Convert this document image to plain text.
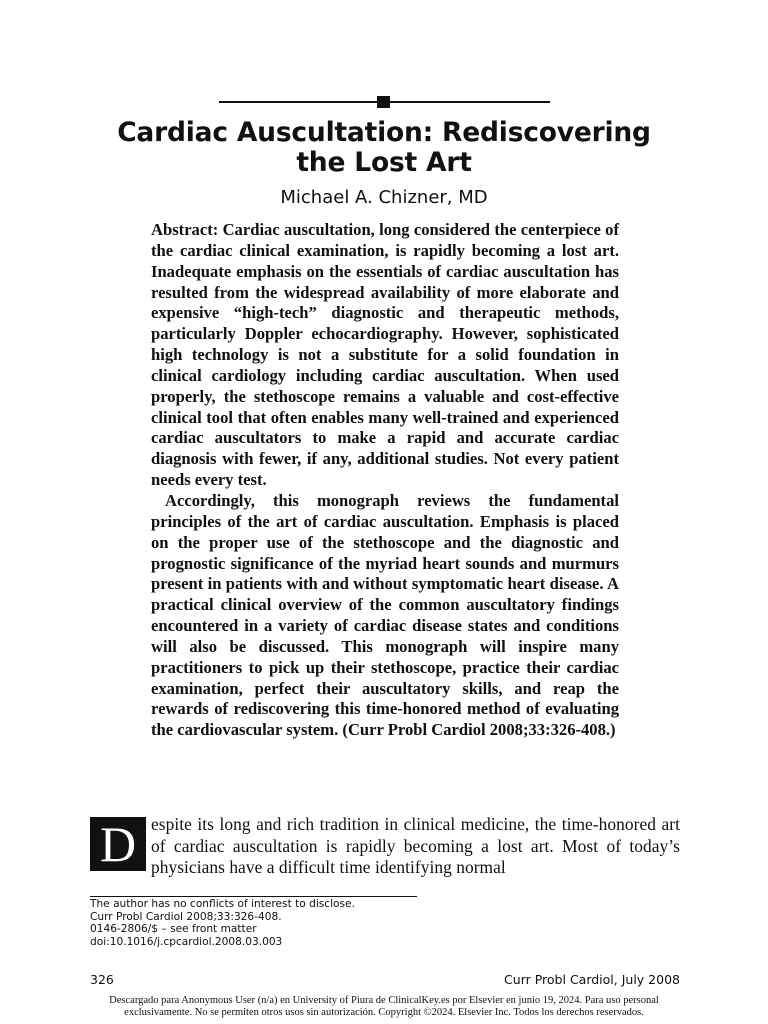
Cardiac Auscultation: Rediscovering
the Lost Art
Michael A. Chizner, MD

Abstract: Cardiac auscultation, long considered the centerpiece of the cardiac clinical examination, is rapidly becoming a lost art. Inadequate emphasis on the essentials of cardiac auscultation has resulted from the widespread availability of more elaborate and expensive “high-tech” diagnostic and therapeutic methods, particularly Doppler echocardiography. However, sophisticated high technology is not a substitute for a solid foundation in clinical cardiology including cardiac auscultation. When used properly, the stethoscope remains a valuable and cost-effective clinical tool that often enables many well-trained and experienced cardiac auscultators to make a rapid and accurate cardiac diagnosis with fewer, if any, additional studies. Not every patient needs every test.

Accordingly, this monograph reviews the fundamental principles of the art of cardiac auscultation. Emphasis is placed on the proper use of the stethoscope and the diagnostic and prognostic significance of the myriad heart sounds and murmurs present in patients with and without symptomatic heart disease. A practical clinical overview of the common auscultatory findings encountered in a variety of cardiac disease states and conditions will also be discussed. This monograph will inspire many practitioners to pick up their stethoscope, practice their cardiac examination, perfect their auscultatory skills, and reap the rewards of rediscovering this time-honored method of evaluating the cardiovascular system. (Curr Probl Cardiol 2008;33:326-408.)

D espite its long and rich tradition in clinical medicine, the time-honored art of cardiac auscultation is rapidly becoming a lost art. Most of today’s physicians have a difficult time identifying normal

The author has no conflicts of interest to disclose.
Curr Probl Cardiol 2008;33:326-408.
0146-2806/$ – see front matter
doi:10.1016/j.cpcardiol.2008.03.003
326	Curr Probl Cardiol, July 2008
Descargado para Anonymous User (n/a) en University of Piura de ClinicalKey.es por Elsevier en junio 19, 2024. Para uso personal
exclusivamente. No se permiten otros usos sin autorización. Copyright ©2024. Elsevier Inc. Todos los derechos reservados.
